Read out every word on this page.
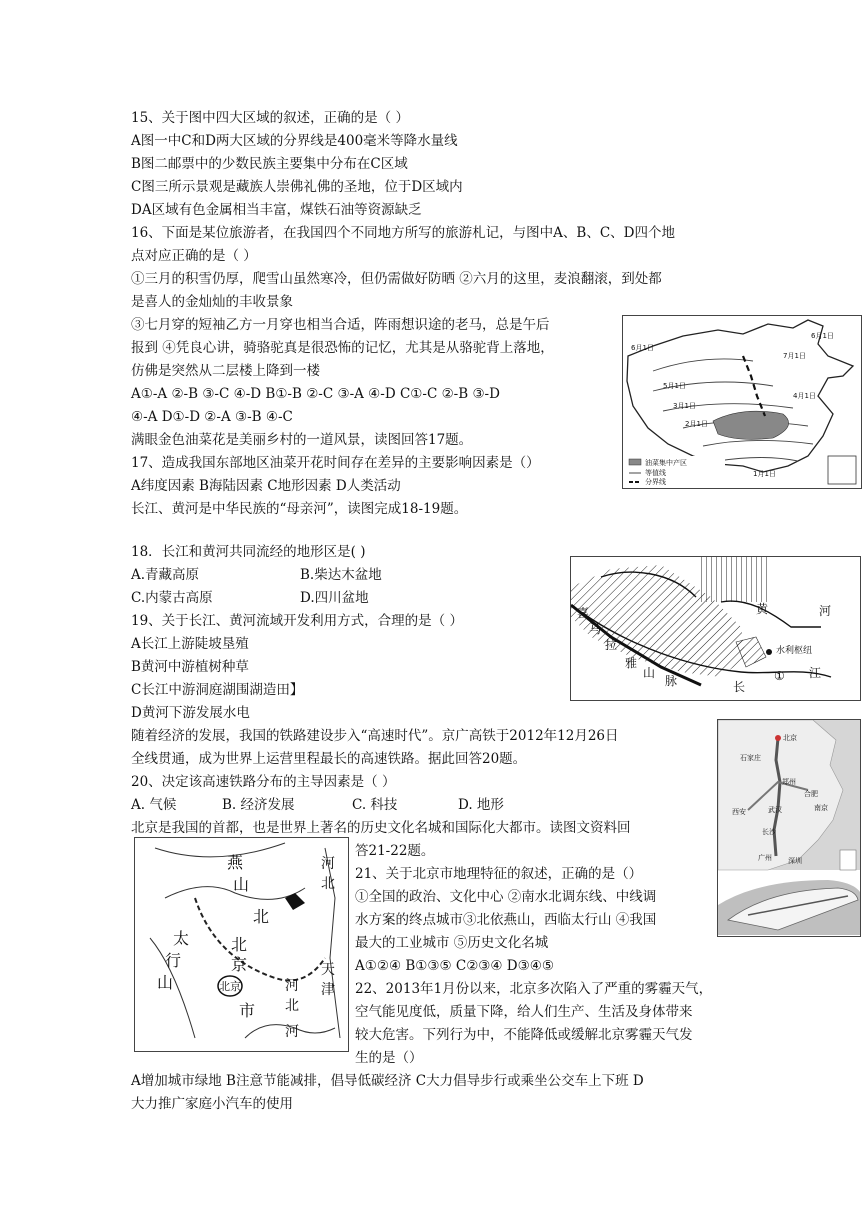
15、关于图中四大区域的叙述，正确的是（ ）
A图一中C和D两大区域的分界线是400毫米等降水量线
B图二邮票中的少数民族主要集中分布在C区域
C图三所示景观是藏族人崇佛礼佛的圣地，位于D区域内
DA区域有色金属相当丰富，煤铁石油等资源缺乏
16、下面是某位旅游者，在我国四个不同地方所写的旅游札记，与图中A、B、C、D四个地
点对应正确的是（ ）
①三月的积雪仍厚，爬雪山虽然寒冷，但仍需做好防晒 ②六月的这里，麦浪翻滚，到处都
是喜人的金灿灿的丰收景象
③七月穿的短袖乙方一月穿也相当合适，阵雨想识途的老马，总是午后
报到 ④凭良心讲，骑骆驼真是很恐怖的记忆，尤其是从骆驼背上落地，
仿佛是突然从二层楼上降到一楼
A①-A ②-B ③-C ④-D B①-B ②-C ③-A ④-D C①-C ②-B ③-D
④-A D①-D ②-A ③-B ④-C
满眼金色油菜花是美丽乡村的一道风景，读图回答17题。
17、造成我国东部地区油菜开花时间存在差异的主要影响因素是（）
A纬度因素 B海陆因素 C地形因素 D人类活动
长江、黄河是中华民族的“母亲河”，读图完成18-19题。
18．长江和黄河共同流经的地形区是( )
A.青藏高原	B.柴达木盆地
C.内蒙古高原	D.四川盆地
19、关于长江、黄河流域开发利用方式，合理的是（ ）
A长江上游陡坡垦殖
B黄河中游植树种草
C长江中游洞庭湖围湖造田】
D黄河下游发展水电
随着经济的发展，我国的铁路建设步入“高速时代”。京广高铁于2012年12月26日
全线贯通，成为世界上运营里程最长的高速铁路。据此回答20题。
20、决定该高速铁路分布的主导因素是（ ）
A. 气候	B. 经济发展	C. 科技	D. 地形
北京是我国的首都，也是世界上著名的历史文化名城和国际化大都市。读图文资料回
答21-22题。
21、关于北京市地理特征的叙述，正确的是（）
①全国的政治、文化中心 ②南水北调东线、中线调
水方案的终点城市③北依燕山，西临太行山 ④我国
最大的工业城市 ⑤历史文化名城
A①②④ B①③⑤ C②③④ D③④⑤
22、2013年1月份以来，北京多次陷入了严重的雾霾天气，
空气能见度低，质量下降，给人们生产、生活及身体带来
较大危害。下列行为中，不能降低或缓解北京雾霾天气发
生的是（）
A增加城市绿地 B注意节能减排，倡导低碳经济 C大力倡导步行或乘坐公交车上下班 D
大力推广家庭小汽车的使用
6月1日
6月1日
7月1日
5月1日
4月1日
3月1日
2月1日
1月1日
油菜集中产区
等值线
分界线
喜
马
拉
雅
山
脉	长
江
黄	河
水利枢纽
①
北京
石家庄
郑州
西安
合肥
武汉	南京
长沙
广州 深圳
燕
山
北
太
行
山
北
京
北京
市
河
北
天
津
河
北
河
